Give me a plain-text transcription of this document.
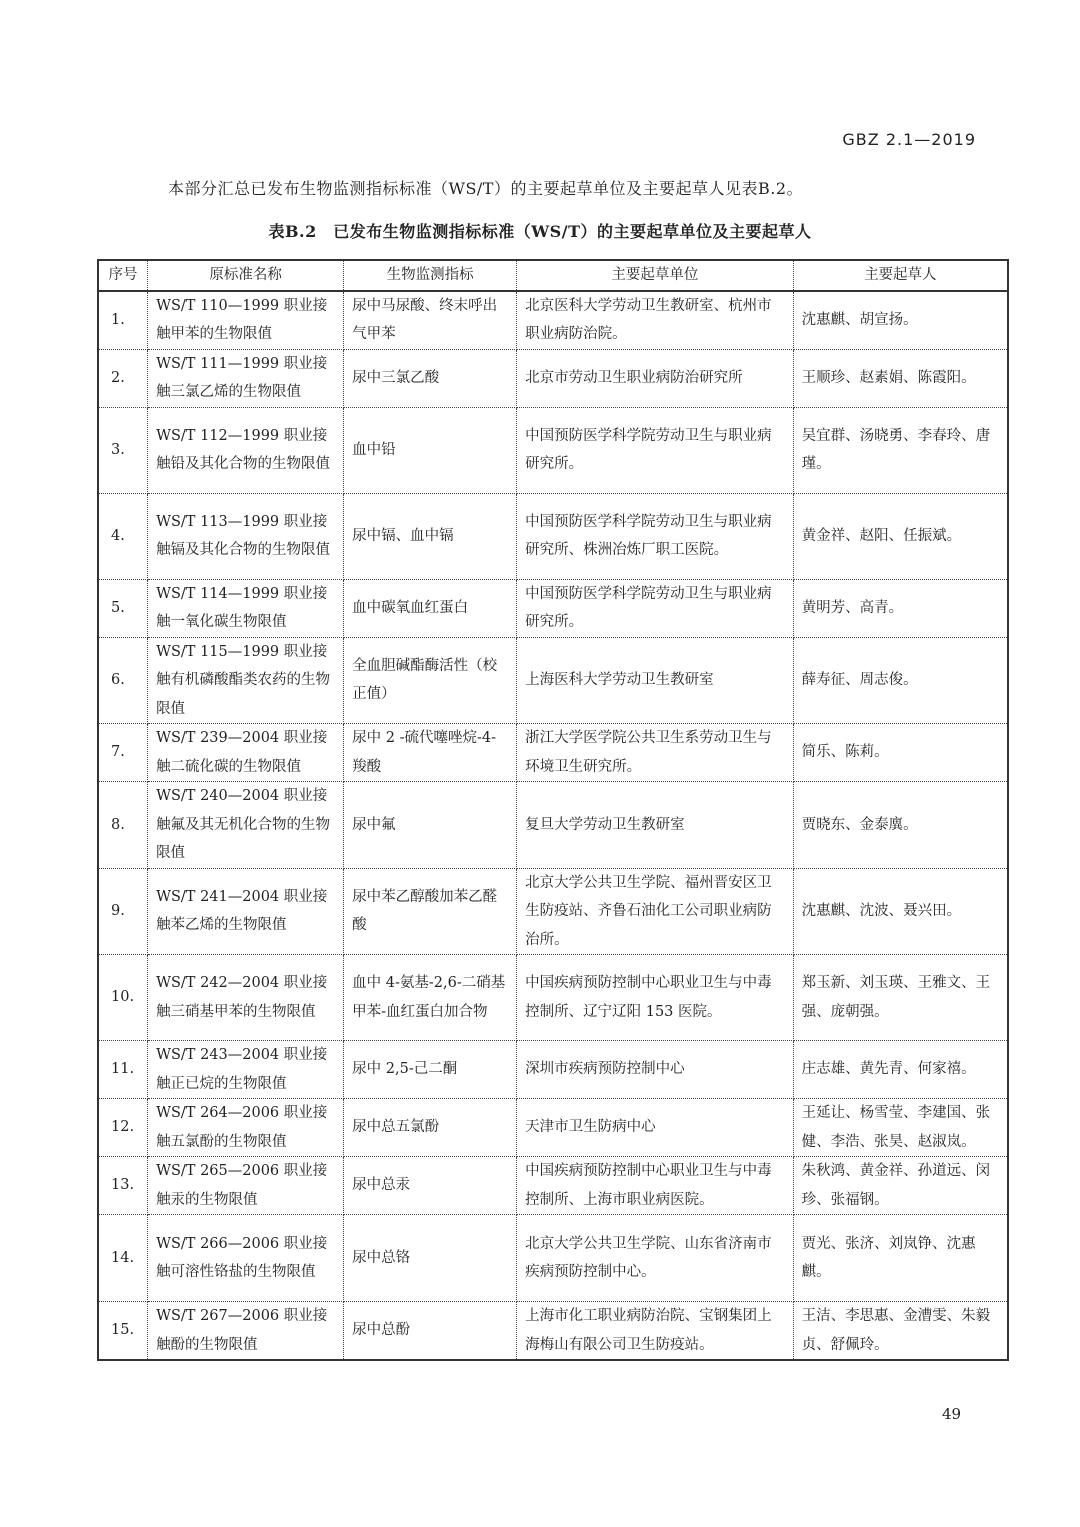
GBZ 2.1—2019
本部分汇总已发布生物监测指标标准（WS/T）的主要起草单位及主要起草人见表B.2。
表B.2　已发布生物监测指标标准（WS/T）的主要起草单位及主要起草人
序号	原标准名称	生物监测指标	主要起草单位	主要起草人
1.	WS/T 110—1999 职业接触甲苯的生物限值	尿中马尿酸、终末呼出气甲苯	北京医科大学劳动卫生教研室、杭州市职业病防治院。	沈惠麒、胡宣扬。
2.	WS/T 111—1999 职业接触三氯乙烯的生物限值	尿中三氯乙酸	北京市劳动卫生职业病防治研究所	王顺珍、赵素娟、陈霞阳。
3.	WS/T 112—1999 职业接触铅及其化合物的生物限值	血中铅	中国预防医学科学院劳动卫生与职业病研究所。	吴宜群、汤晓勇、李春玲、唐瑾。
4.	WS/T 113—1999 职业接触镉及其化合物的生物限值	尿中镉、血中镉	中国预防医学科学院劳动卫生与职业病研究所、株洲冶炼厂职工医院。	黄金祥、赵阳、任振斌。
5.	WS/T 114—1999 职业接触一氧化碳生物限值	血中碳氧血红蛋白	中国预防医学科学院劳动卫生与职业病研究所。	黄明芳、高青。
6.	WS/T 115—1999 职业接触有机磷酸酯类农药的生物限值	全血胆碱酯酶活性（校正值）	上海医科大学劳动卫生教研室	薛寿征、周志俊。
7.	WS/T 239—2004 职业接触二硫化碳的生物限值	尿中 2 -硫代噻唑烷-4-羧酸	浙江大学医学院公共卫生系劳动卫生与环境卫生研究所。	简乐、陈莉。
8.	WS/T 240—2004 职业接触氟及其无机化合物的生物限值	尿中氟	复旦大学劳动卫生教研室	贾晓东、金泰廙。
9.	WS/T 241—2004 职业接触苯乙烯的生物限值	尿中苯乙醇酸加苯乙醛酸	北京大学公共卫生学院、福州晋安区卫生防疫站、齐鲁石油化工公司职业病防治所。	沈惠麒、沈波、聂兴田。
10.	WS/T 242—2004 职业接触三硝基甲苯的生物限值	血中 4-氨基-2,6-二硝基甲苯-血红蛋白加合物	中国疾病预防控制中心职业卫生与中毒控制所、辽宁辽阳 153 医院。	郑玉新、刘玉瑛、王雅文、王强、庞朝强。
11.	WS/T 243—2004 职业接触正已烷的生物限值	尿中 2,5-己二酮	深圳市疾病预防控制中心	庄志雄、黄先青、何家禧。
12.	WS/T 264—2006 职业接触五氯酚的生物限值	尿中总五氯酚	天津市卫生防病中心	王延让、杨雪莹、李建国、张健、李浩、张昊、赵淑岚。
13.	WS/T 265—2006 职业接触汞的生物限值	尿中总汞	中国疾病预防控制中心职业卫生与中毒控制所、上海市职业病医院。	朱秋鸿、黄金祥、孙道远、闵珍、张福钢。
14.	WS/T 266—2006 职业接触可溶性铬盐的生物限值	尿中总铬	北京大学公共卫生学院、山东省济南市疾病预防控制中心。	贾光、张济、刘岚铮、沈惠麒。
15.	WS/T 267—2006 职业接触酚的生物限值	尿中总酚	上海市化工职业病防治院、宝钢集团上海梅山有限公司卫生防疫站。	王洁、李思惠、金漕雯、朱毅贞、舒佩玲。
49
